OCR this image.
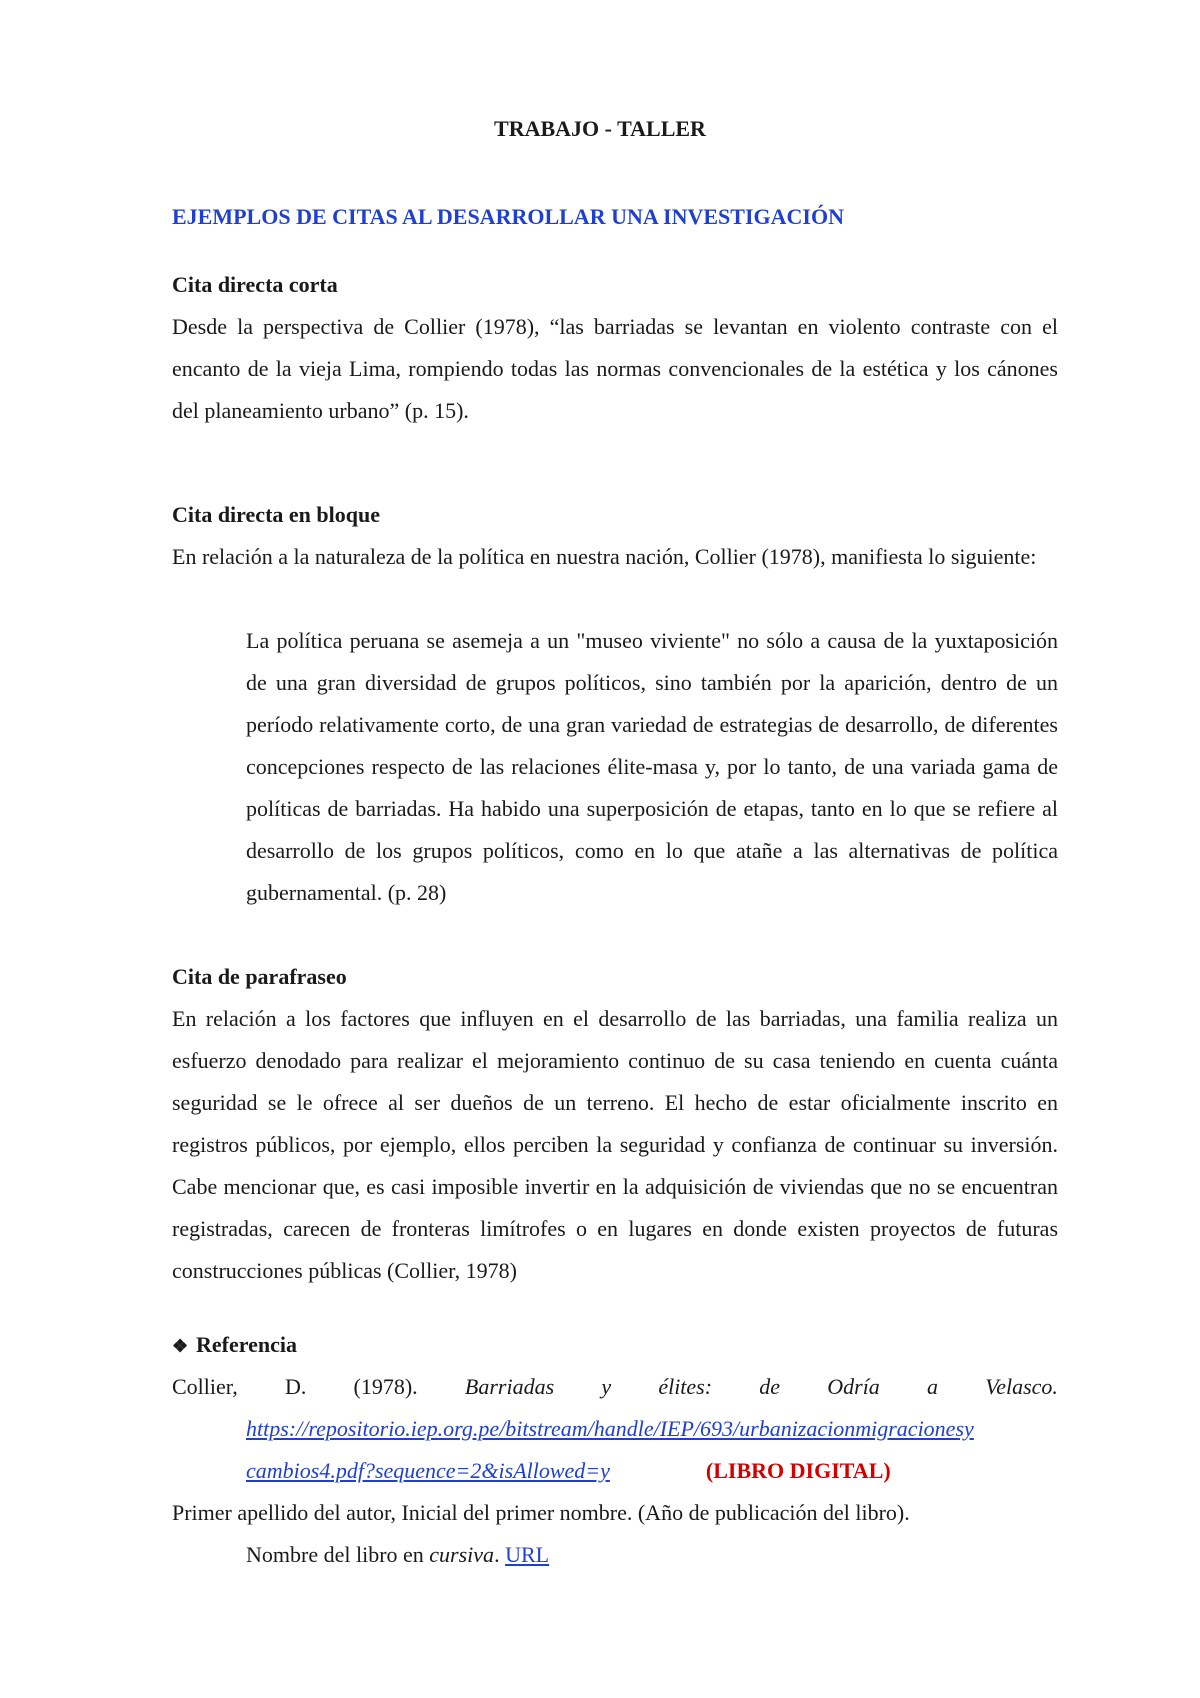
TRABAJO - TALLER
EJEMPLOS DE CITAS AL DESARROLLAR UNA INVESTIGACIÓN
Cita directa corta
Desde la perspectiva de Collier (1978), “las barriadas se levantan en violento contraste con el encanto de la vieja Lima, rompiendo todas las normas convencionales de la estética y los cánones del planeamiento urbano” (p. 15).
Cita directa en bloque
En relación a la naturaleza de la política en nuestra nación, Collier (1978), manifiesta lo siguiente:
La política peruana se asemeja a un "museo viviente" no sólo a causa de la yuxtaposición de una gran diversidad de grupos políticos, sino también por la aparición, dentro de un período relativamente corto, de una gran variedad de estrategias de desarrollo, de diferentes concepciones respecto de las relaciones élite-masa y, por lo tanto, de una variada gama de políticas de barriadas. Ha habido una superposición de etapas, tanto en lo que se refiere al desarrollo de los grupos políticos, como en lo que atañe a las alternativas de política gubernamental. (p. 28)
Cita de parafraseo
En relación a los factores que influyen en el desarrollo de las barriadas, una familia realiza un esfuerzo denodado para realizar el mejoramiento continuo de su casa teniendo en cuenta cuánta seguridad se le ofrece al ser dueños de un terreno. El hecho de estar oficialmente inscrito en registros públicos, por ejemplo, ellos perciben la seguridad y confianza de continuar su inversión. Cabe mencionar que, es casi imposible invertir en la adquisición de viviendas que no se encuentran registradas, carecen de fronteras limítrofes o en lugares en donde existen proyectos de futuras construcciones públicas (Collier, 1978)
❖ Referencia
Collier, D. (1978). Barriadas y élites: de Odría a Velasco.
https://repositorio.iep.org.pe/bitstream/handle/IEP/693/urbanizacionmigracionesy
cambios4.pdf?sequence=2&isAllowed=y	(LIBRO DIGITAL)
Primer apellido del autor, Inicial del primer nombre. (Año de publicación del libro).
Nombre del libro en cursiva. URL
